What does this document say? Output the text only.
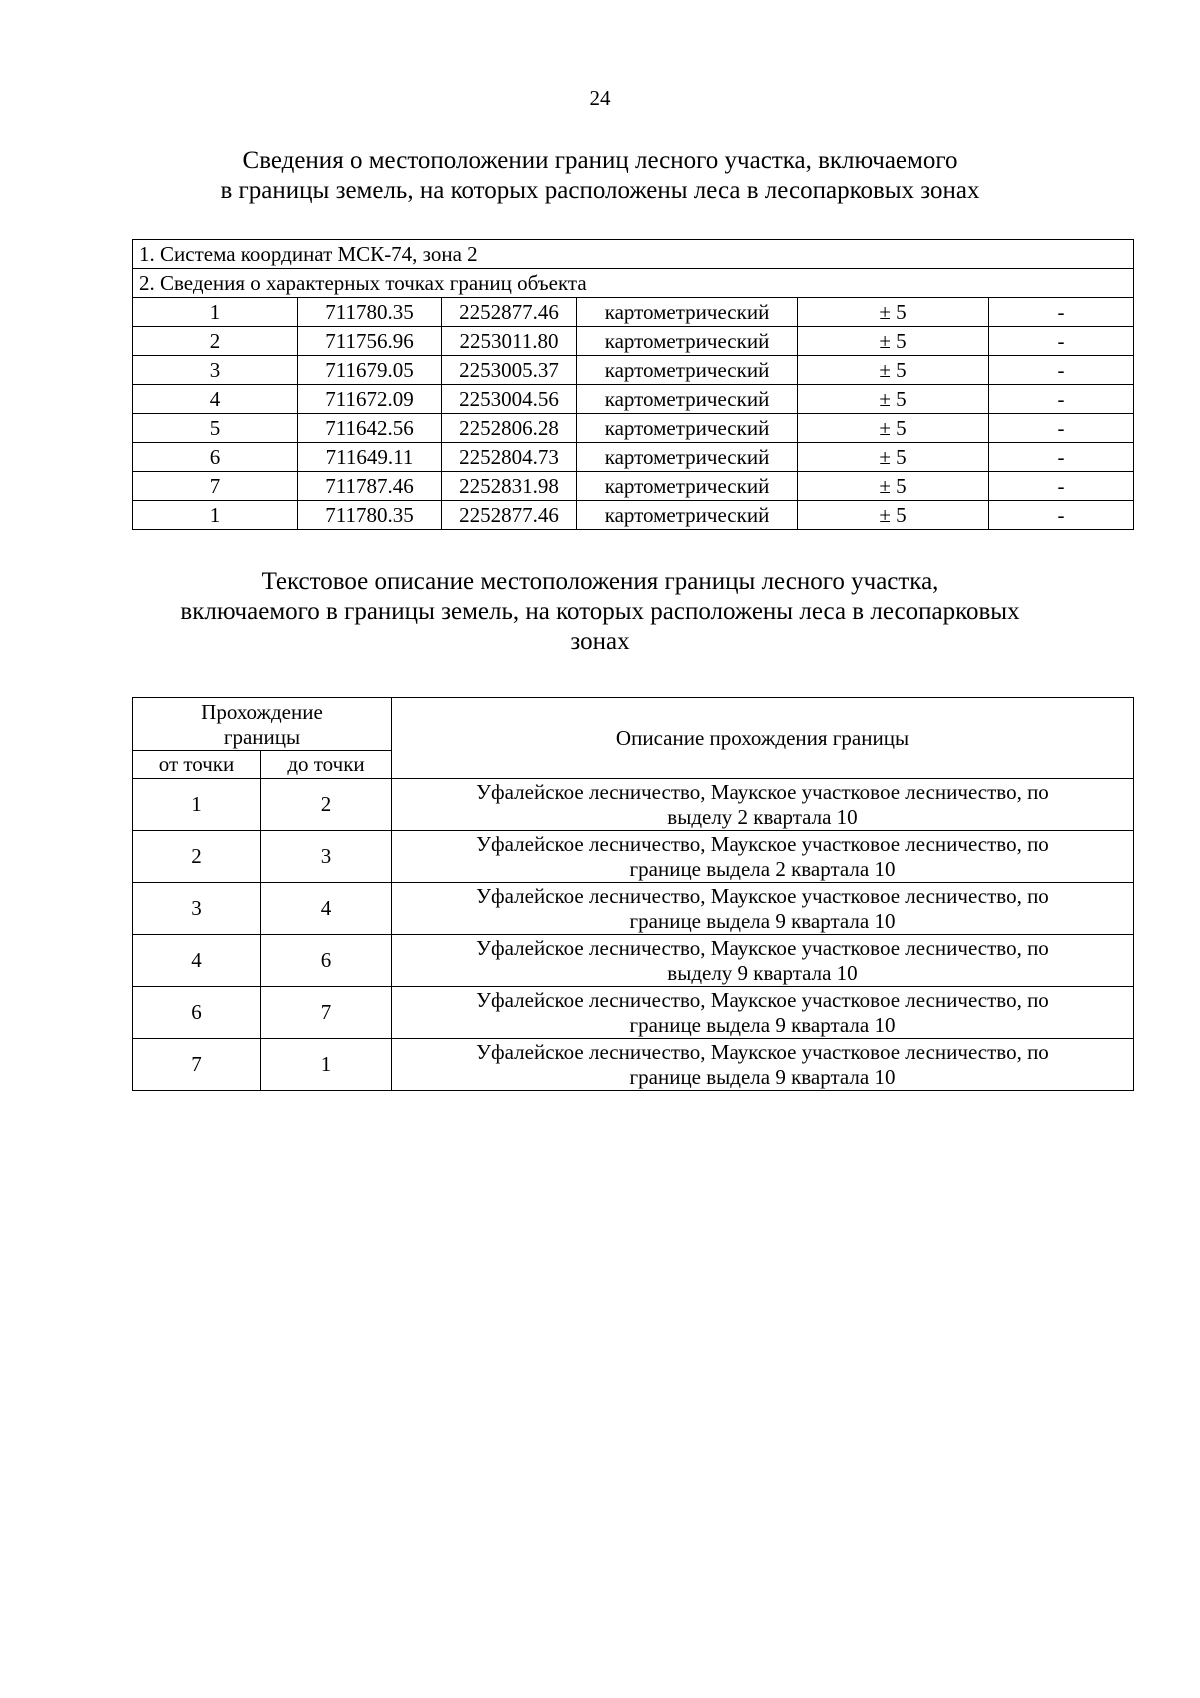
24
Сведения о местоположении границ лесного участка, включаемого
в границы земель, на которых расположены леса в лесопарковых зонах
1. Система координат МСК-74, зона 2					
2. Сведения о характерных точках границ объекта					
1	711780.35	2252877.46	картометрический	± 5	-
2	711756.96	2253011.80	картометрический	± 5	-
3	711679.05	2253005.37	картометрический	± 5	-
4	711672.09	2253004.56	картометрический	± 5	-
5	711642.56	2252806.28	картометрический	± 5	-
6	711649.11	2252804.73	картометрический	± 5	-
7	711787.46	2252831.98	картометрический	± 5	-
1	711780.35	2252877.46	картометрический	± 5	-
Текстовое описание местоположения границы лесного участка,
включаемого в границы земель, на которых расположены леса в лесопарковых
зонах
Прохождение
границы		Описание прохождения границы
от точки	до точки	
1	2	Уфалейское лесничество, Маукское участковое лесничество, по
выделу 2 квартала 10

2	3	Уфалейское лесничество, Маукское участковое лесничество, по
границе выдела 2 квартала 10

3	4	Уфалейское лесничество, Маукское участковое лесничество, по
границе выдела 9 квартала 10

4	6	Уфалейское лесничество, Маукское участковое лесничество, по
выделу 9 квартала 10

6	7	Уфалейское лесничество, Маукское участковое лесничество, по
границе выдела 9 квартала 10

7	1	Уфалейское лесничество, Маукское участковое лесничество, по
границе выдела 9 квартала 10
